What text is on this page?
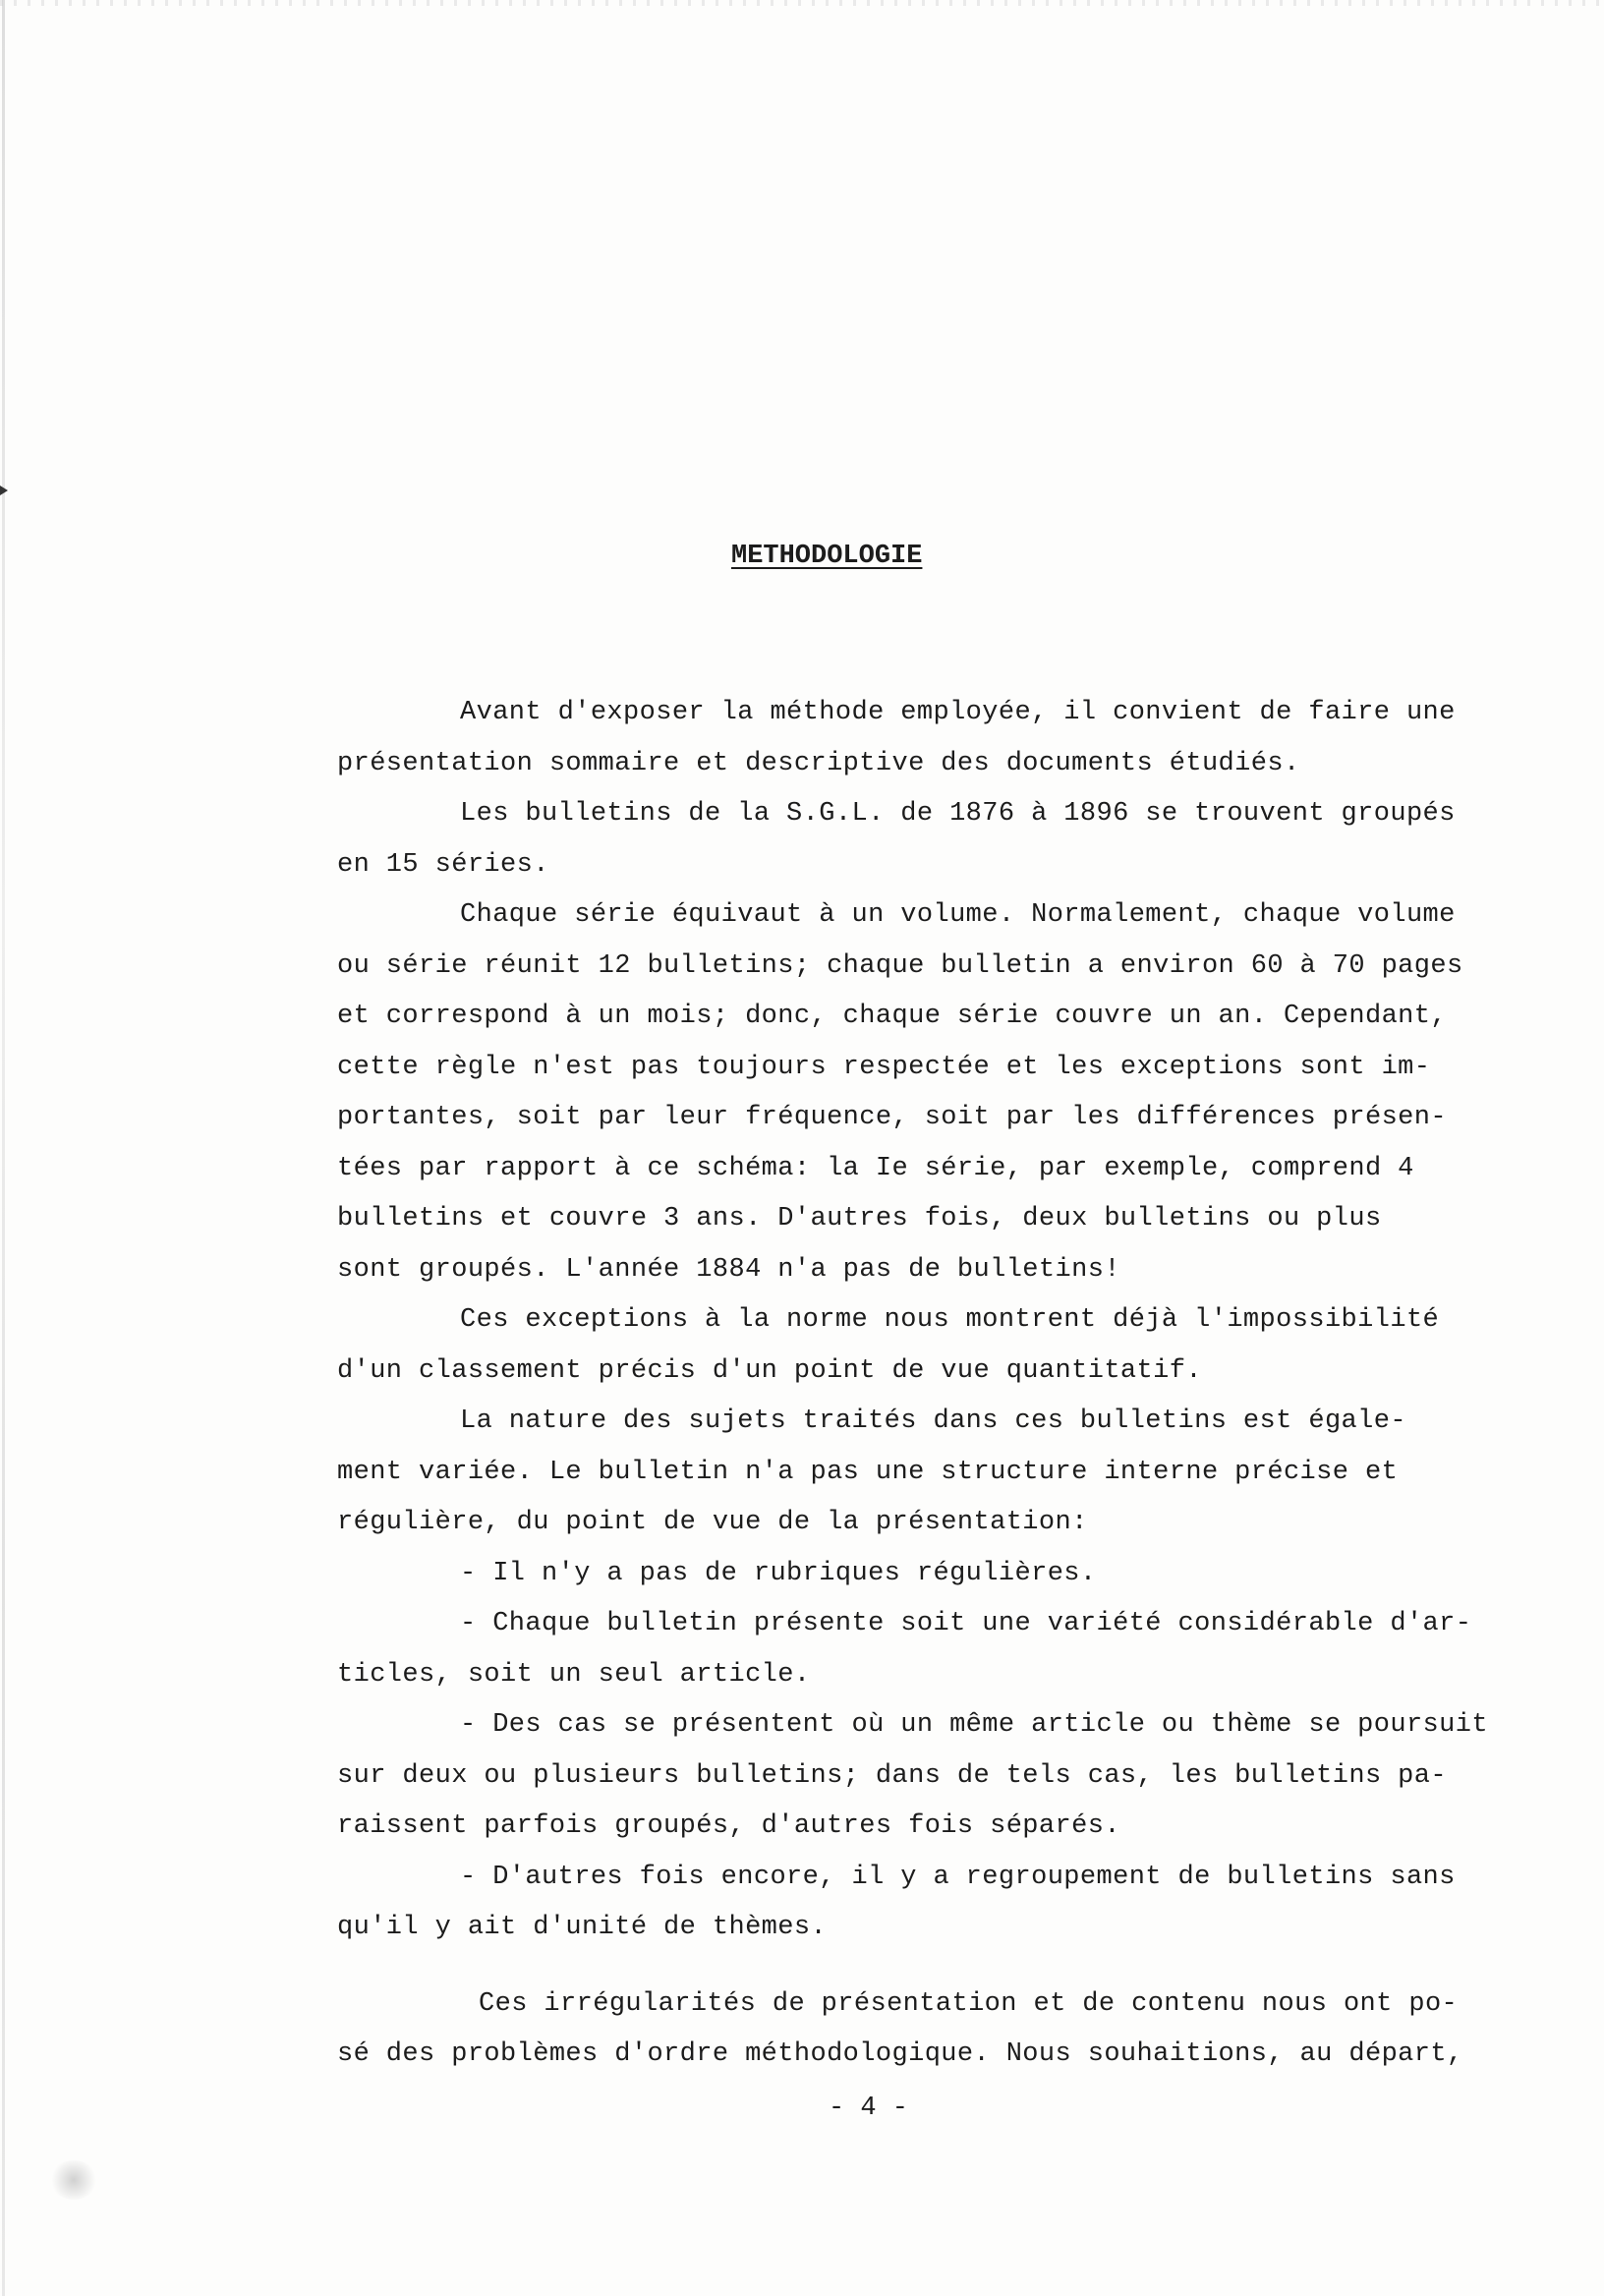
METHODOLOGIE
Avant d'exposer la méthode employée, il convient de faire une
présentation sommaire et descriptive des documents étudiés.
Les bulletins de la S.G.L. de 1876 à 1896 se trouvent groupés
en 15 séries.
Chaque série équivaut à un volume. Normalement, chaque volume
ou série réunit 12 bulletins; chaque bulletin a environ 60 à 70 pages
et correspond à un mois; donc, chaque série couvre un an. Cependant,
cette règle n'est pas toujours respectée et les exceptions sont im-
portantes, soit par leur fréquence, soit par les différences présen-
tées par rapport à ce schéma: la Ie série, par exemple, comprend 4
bulletins et couvre 3 ans. D'autres fois, deux bulletins ou plus
sont groupés. L'année 1884 n'a pas de bulletins!
Ces exceptions à la norme nous montrent déjà l'impossibilité
d'un classement précis d'un point de vue quantitatif.
La nature des sujets traités dans ces bulletins est égale-
ment variée. Le bulletin n'a pas une structure interne précise et
régulière, du point de vue de la présentation:
- Il n'y a pas de rubriques régulières.
- Chaque bulletin présente soit une variété considérable d'ar-
ticles, soit un seul article.
- Des cas se présentent où un même article ou thème se poursuit
sur deux ou plusieurs bulletins; dans de tels cas, les bulletins pa-
raissent parfois groupés, d'autres fois séparés.
- D'autres fois encore, il y a regroupement de bulletins sans
qu'il y ait d'unité de thèmes.
Ces irrégularités de présentation et de contenu nous ont po-
sé des problèmes d'ordre méthodologique. Nous souhaitions, au départ,
- 4 -
